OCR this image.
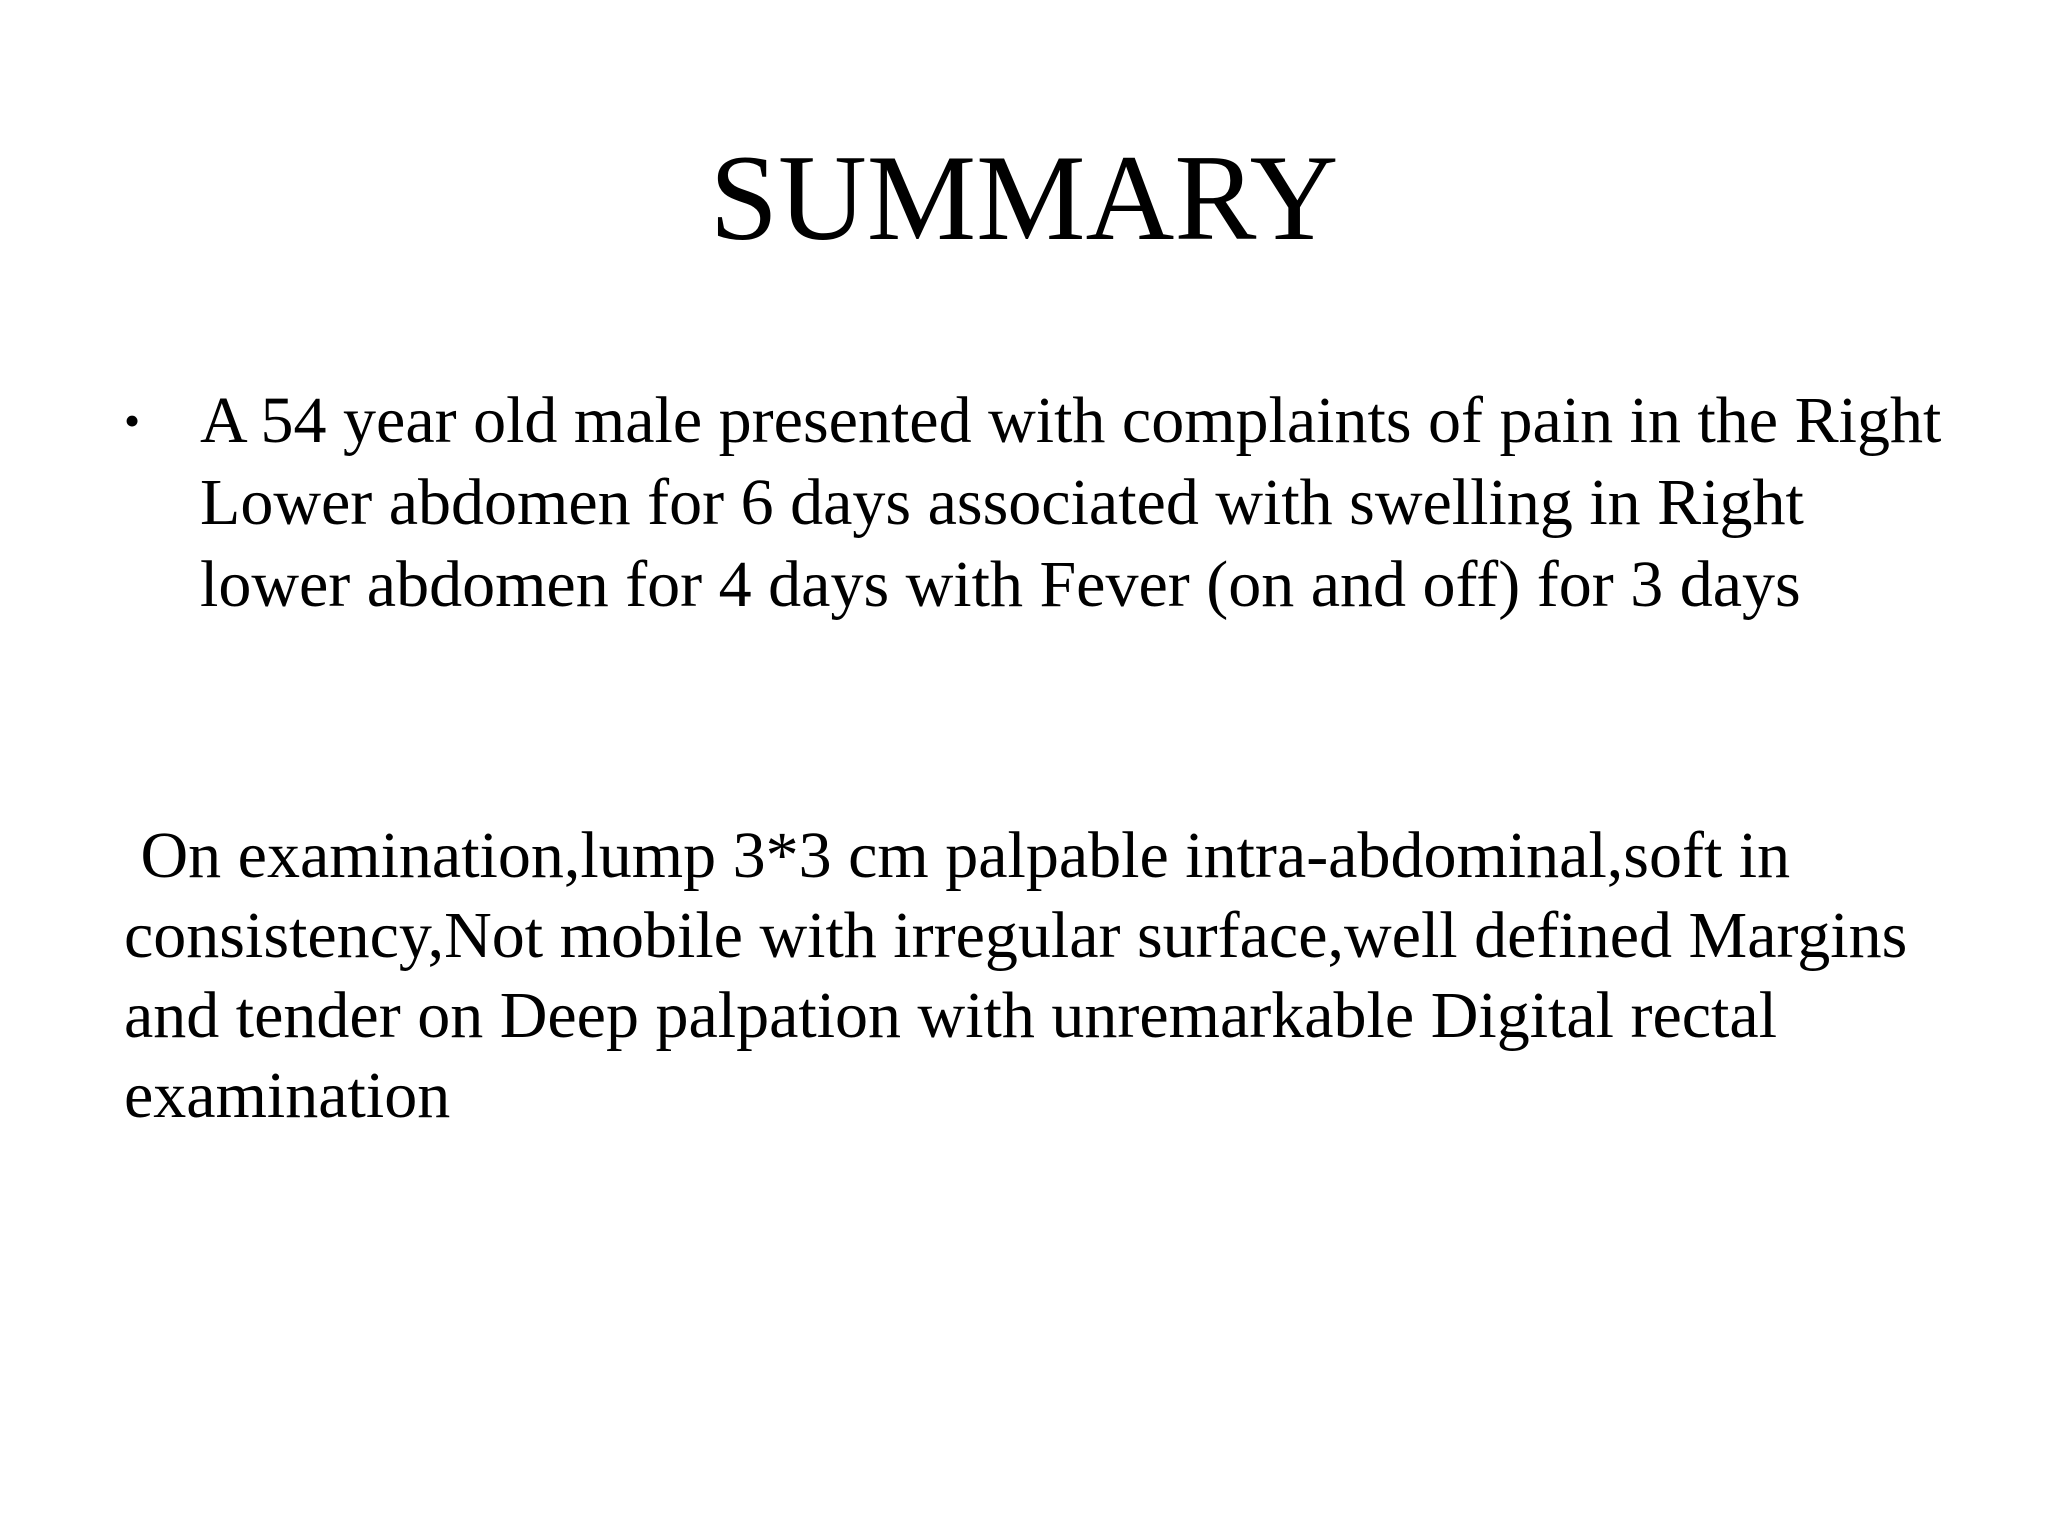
SUMMARY
• A 54 year old male presented with complaints of pain in the Right Lower abdomen for 6 days associated with swelling in Right lower abdomen for 4 days with Fever (on and off) for 3 days

On examination,lump 3*3 cm palpable intra-abdominal,soft in consistency,Not mobile with irregular surface,well defined Margins and tender on Deep palpation with unremarkable Digital rectal examination
